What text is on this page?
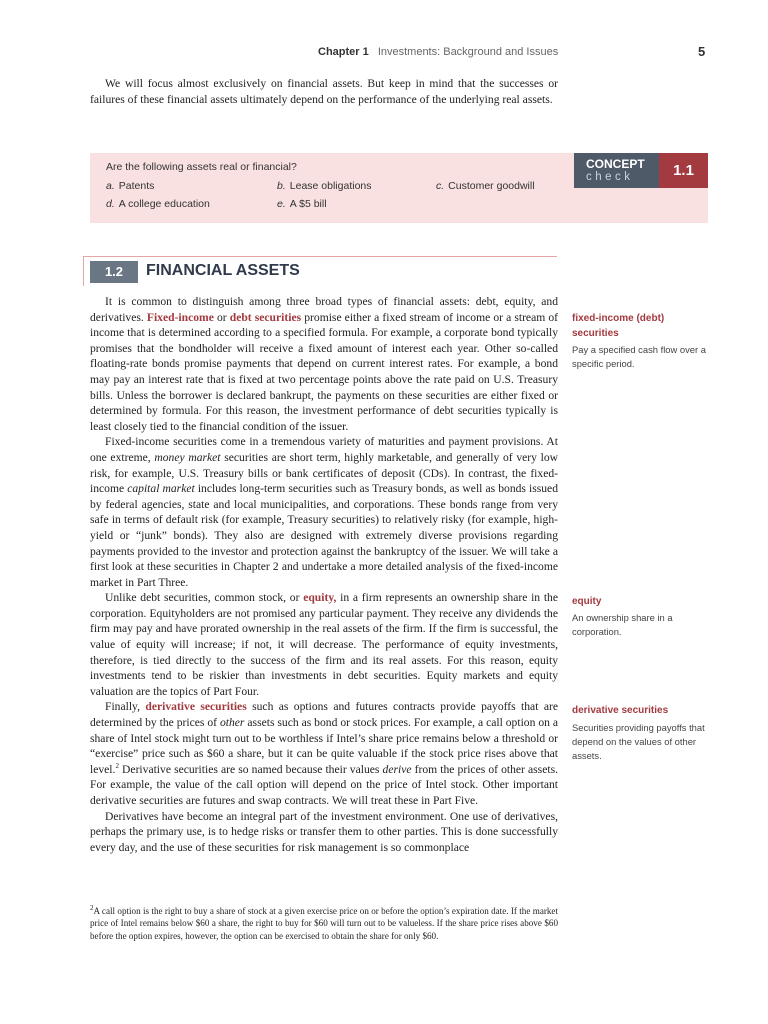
Chapter 1 Investments: Background and Issues	5

We will focus almost exclusively on financial assets. But keep in mind that the successes or failures of these financial assets ultimately depend on the performance of the underlying real assets.

CONCEPT
check	1.1
Are the following assets real or financial?
a. Patents	b. Lease obligations	c. Customer goodwill
d. A college education	e. A $5 bill
1.2	FINANCIAL ASSETS

It is common to distinguish among three broad types of financial assets: debt, equity, and derivatives. Fixed-income or debt securities promise either a fixed stream of income or a stream of income that is determined according to a specified formula. For example, a corporate bond typically promises that the bondholder will receive a fixed amount of interest each year. Other so-called floating-rate bonds promise payments that depend on current interest rates. For example, a bond may pay an interest rate that is fixed at two percentage points above the rate paid on U.S. Treasury bills. Unless the borrower is declared bankrupt, the payments on these securities are either fixed or determined by formula. For this reason, the investment performance of debt securities typically is least closely tied to the financial condition of the issuer.

Fixed-income securities come in a tremendous variety of maturities and payment provisions. At one extreme, money market securities are short term, highly marketable, and generally of very low risk, for example, U.S. Treasury bills or bank certificates of deposit (CDs). In contrast, the fixed-income capital market includes long-term securities such as Treasury bonds, as well as bonds issued by federal agencies, state and local municipalities, and corporations. These bonds range from very safe in terms of default risk (for example, Treasury securities) to relatively risky (for example, high-yield or “junk” bonds). They also are designed with extremely diverse provisions regarding payments provided to the investor and protection against the bankruptcy of the issuer. We will take a first look at these securities in Chapter 2 and undertake a more detailed analysis of the fixed-income market in Part Three.

Unlike debt securities, common stock, or equity, in a firm represents an ownership share in the corporation. Equityholders are not promised any particular payment. They receive any dividends the firm may pay and have prorated ownership in the real assets of the firm. If the firm is successful, the value of equity will increase; if not, it will decrease. The performance of equity investments, therefore, is tied directly to the success of the firm and its real assets. For this reason, equity investments tend to be riskier than investments in debt securities. Equity markets and equity valuation are the topics of Part Four.

Finally, derivative securities such as options and futures contracts provide payoffs that are determined by the prices of other assets such as bond or stock prices. For example, a call option on a share of Intel stock might turn out to be worthless if Intel’s share price remains below a threshold or “exercise” price such as $60 a share, but it can be quite valuable if the stock price rises above that level.$^2$ Derivative securities are so named because their values derive from the prices of other assets. For example, the value of the call option will depend on the price of Intel stock. Other important derivative securities are futures and swap contracts. We will treat these in Part Five.

Derivatives have become an integral part of the investment environment. One use of derivatives, perhaps the primary use, is to hedge risks or transfer them to other parties. This is done successfully every day, and the use of these securities for risk management is so commonplace

fixed-income (debt) securities
Pay a specified cash flow over a specific period.
equity
An ownership share in a corporation.
derivative securities
Securities providing payoffs that depend on the values of other assets.
$^2$A call option is the right to buy a share of stock at a given exercise price on or before the option’s expiration date. If the market price of Intel remains below $60 a share, the right to buy for $60 will turn out to be valueless. If the share price rises above $60 before the option expires, however, the option can be exercised to obtain the share for only $60.
